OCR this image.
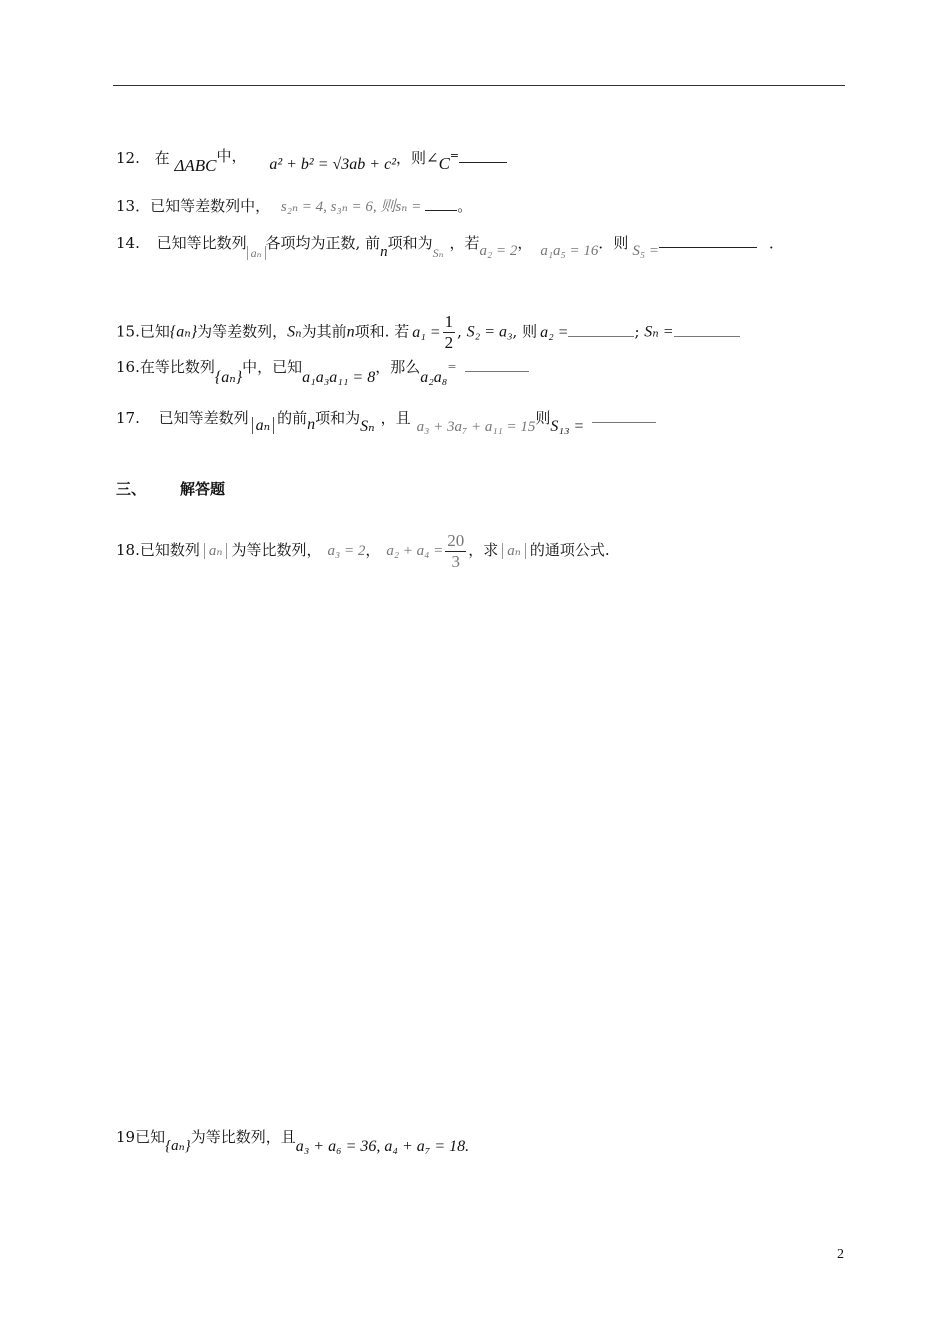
12. 在 ΔABC中， a² + b² = √3ab + c²，则∠C=
13．已知等差数列中， s₂ₙ = 4, s₃ₙ = 6, 则sₙ = 。
14. 已知等比数列$_{a_n}$各项均为正数, 前n项和为$_{S_n}$，若a₂ = 2， a₁a₅ = 16．则 S₅ =	．
15.已知{aₙ}为等差数列，Sₙ为其前n项和. 若 $a_1 = \frac{1}{2}$ , S₂ = a₃, 则 a₂ =	; Sₙ =
16.在等比数列{aₙ}中，已知a₁a₃a₁₁ = 8，那么a₂a₈=
17. 已知等差数列 aₙ 的前n项和为Sₙ ，且 a₃ + 3a₇ + a₁₁ = 15则S₁₃ =
三、 解答题
18.已知数列 aₙ 为等比数列， a₃ = 2， $a_2 + a_4 = \frac{20}{3}$ ，求 aₙ 的通项公式.
19已知{aₙ}为等比数列，且a₃ + a₆ = 36, a₄ + a₇ = 18.
2
